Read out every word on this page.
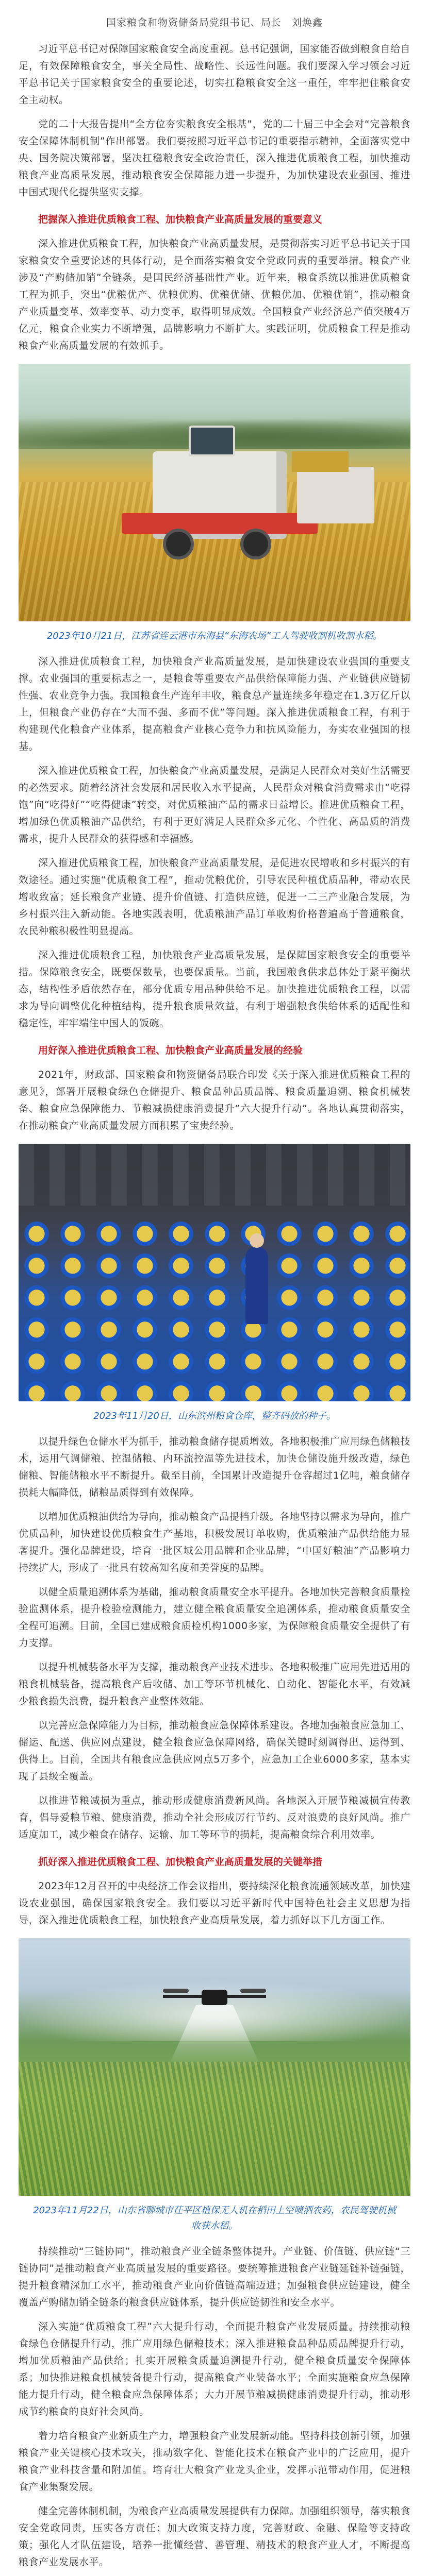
国家粮食和物资储备局党组书记、局长　刘焕鑫

习近平总书记对保障国家粮食安全高度重视。总书记强调，国家能否做到粮食自给自足，有效保障粮食安全，事关全局性、战略性、长远性问题。我们要深入学习领会习近平总书记关于国家粮食安全的重要论述，切实扛稳粮食安全这一重任，牢牢把住粮食安全主动权。

党的二十大报告提出“全方位夯实粮食安全根基”，党的二十届三中全会对“完善粮食安全保障体制机制”作出部署。我们要按照习近平总书记的重要指示精神，全面落实党中央、国务院决策部署，坚决扛稳粮食安全政治责任，深入推进优质粮食工程，加快推动粮食产业高质量发展，推动粮食安全保障能力进一步提升，为加快建设农业强国、推进中国式现代化提供坚实支撑。

把握深入推进优质粮食工程、加快粮食产业高质量发展的重要意义

深入推进优质粮食工程，加快粮食产业高质量发展，是贯彻落实习近平总书记关于国家粮食安全重要论述的具体行动，是全面落实粮食安全党政同责的重要举措。粮食产业涉及“产购储加销”全链条，是国民经济基础性产业。近年来，粮食系统以推进优质粮食工程为抓手，突出“优粮优产、优粮优购、优粮优储、优粮优加、优粮优销”，推动粮食产业质量变革、效率变革、动力变革，取得明显成效。全国粮食产业经济总产值突破4万亿元，粮食企业实力不断增强，品牌影响力不断扩大。实践证明，优质粮食工程是推动粮食产业高质量发展的有效抓手。

2023年10月21日，江苏省连云港市东海县“东海农场”工人驾驶收割机收割水稻。

深入推进优质粮食工程，加快粮食产业高质量发展，是加快建设农业强国的重要支撑。农业强国的重要标志之一，是粮食等重要农产品供给保障能力强、产业链供应链韧性强、农业竞争力强。我国粮食生产连年丰收，粮食总产量连续多年稳定在1.3万亿斤以上，但粮食产业仍存在“大而不强、多而不优”等问题。深入推进优质粮食工程，有利于构建现代化粮食产业体系，提高粮食产业核心竞争力和抗风险能力，夯实农业强国的根基。

深入推进优质粮食工程，加快粮食产业高质量发展，是满足人民群众对美好生活需要的必然要求。随着经济社会发展和居民收入水平提高，人民群众对粮食消费需求由“吃得饱”向“吃得好”“吃得健康”转变，对优质粮油产品的需求日益增长。推进优质粮食工程，增加绿色优质粮油产品供给，有利于更好满足人民群众多元化、个性化、高品质的消费需求，提升人民群众的获得感和幸福感。

深入推进优质粮食工程，加快粮食产业高质量发展，是促进农民增收和乡村振兴的有效途径。通过实施“优质粮食工程”，推动优粮优价，引导农民种植优质品种，带动农民增收致富；延长粮食产业链、提升价值链、打造供应链，促进一二三产业融合发展，为乡村振兴注入新动能。各地实践表明，优质粮油产品订单收购价格普遍高于普通粮食，农民种粮积极性明显提高。

深入推进优质粮食工程，加快粮食产业高质量发展，是保障国家粮食安全的重要举措。保障粮食安全，既要保数量，也要保质量。当前，我国粮食供求总体处于紧平衡状态，结构性矛盾依然存在，部分优质专用品种供给不足。加快推进优质粮食工程，以需求为导向调整优化种植结构，提升粮食质量效益，有利于增强粮食供给体系的适配性和稳定性，牢牢端住中国人的饭碗。

用好深入推进优质粮食工程、加快粮食产业高质量发展的经验

2021年，财政部、国家粮食和物资储备局联合印发《关于深入推进优质粮食工程的意见》，部署开展粮食绿色仓储提升、粮食品种品质品牌、粮食质量追溯、粮食机械装备、粮食应急保障能力、节粮减损健康消费提升“六大提升行动”。各地认真贯彻落实，在推动粮食产业高质量发展方面积累了宝贵经验。

2023年11月20日，山东滨州粮食仓库，整齐码放的种子。

以提升绿色仓储水平为抓手，推动粮食储存提质增效。各地积极推广应用绿色储粮技术，运用气调储粮、控温储粮、内环流控温等先进技术，加快仓储设施升级改造，绿色储粮、智能储粮水平不断提升。截至目前，全国累计改造提升仓容超过1亿吨，粮食储存损耗大幅降低，储粮品质得到有效保障。

以增加优质粮油供给为导向，推动粮食产品提档升级。各地坚持以需求为导向，推广优质品种，加快建设优质粮食生产基地，积极发展订单收购，优质粮油产品供给能力显著提升。强化品牌建设，培育一批区域公用品牌和企业品牌，“中国好粮油”产品影响力持续扩大，形成了一批具有较高知名度和美誉度的品牌。

以健全质量追溯体系为基础，推动粮食质量安全水平提升。各地加快完善粮食质量检验监测体系，提升检验检测能力，建立健全粮食质量安全追溯体系，推动粮食质量安全全程可追溯。目前，全国已建成粮食质检机构1000多家，为保障粮食质量安全提供了有力支撑。

以提升机械装备水平为支撑，推动粮食产业技术进步。各地积极推广应用先进适用的粮食机械装备，提高粮食产后收储、加工等环节机械化、自动化、智能化水平，有效减少粮食损失浪费，提升粮食产业整体效能。

以完善应急保障能力为目标，推动粮食应急保障体系建设。各地加强粮食应急加工、储运、配送、供应网点建设，健全粮食应急保障网络，确保关键时刻调得出、运得到、供得上。目前，全国共有粮食应急供应网点5万多个，应急加工企业6000多家，基本实现了县级全覆盖。

以推进节粮减损为重点，推动形成健康消费新风尚。各地深入开展节粮减损宣传教育，倡导爱粮节粮、健康消费，推动全社会形成厉行节约、反对浪费的良好风尚。推广适度加工，减少粮食在储存、运输、加工等环节的损耗，提高粮食综合利用效率。

抓好深入推进优质粮食工程、加快粮食产业高质量发展的关键举措

2023年12月召开的中央经济工作会议指出，要持续深化粮食流通领域改革，加快建设农业强国，确保国家粮食安全。我们要以习近平新时代中国特色社会主义思想为指导，深入推进优质粮食工程，加快粮食产业高质量发展，着力抓好以下几方面工作。

2023年11月22日，山东省聊城市茌平区植保无人机在稻田上空喷洒农药，农民驾驶机械收获水稻。

持续推动“三链协同”，推动粮食产业全链条整体提升。产业链、价值链、供应链“三链协同”是推动粮食产业高质量发展的重要路径。要统筹推进粮食产业链延链补链强链，提升粮食精深加工水平，推动粮食产业向价值链高端迈进；加强粮食供应链建设，健全覆盖产购储加销全链条的粮食供应链体系，提升供应链韧性和安全水平。

深入实施“优质粮食工程”六大提升行动，全面提升粮食产业发展质量。持续推动粮食绿色仓储提升行动，推广应用绿色储粮技术；深入推进粮食品种品质品牌提升行动，增加优质粮油产品供给；扎实开展粮食质量追溯提升行动，健全粮食质量安全保障体系；加快推进粮食机械装备提升行动，提高粮食产业装备水平；全面实施粮食应急保障能力提升行动，健全粮食应急保障体系；大力开展节粮减损健康消费提升行动，推动形成节约粮食的良好社会风尚。

着力培育粮食产业新质生产力，增强粮食产业发展新动能。坚持科技创新引领，加强粮食产业关键核心技术攻关，推动数字化、智能化技术在粮食产业中的广泛应用，提升粮食产业科技含量和附加值。培育壮大粮食产业龙头企业，发挥示范带动作用，促进粮食产业集聚发展。

健全完善体制机制，为粮食产业高质量发展提供有力保障。加强组织领导，落实粮食安全党政同责，压实各方责任；加大政策支持力度，完善财政、金融、保险等支持政策；强化人才队伍建设，培养一批懂经营、善管理、精技术的粮食产业人才，不断提高粮食产业发展水平。
